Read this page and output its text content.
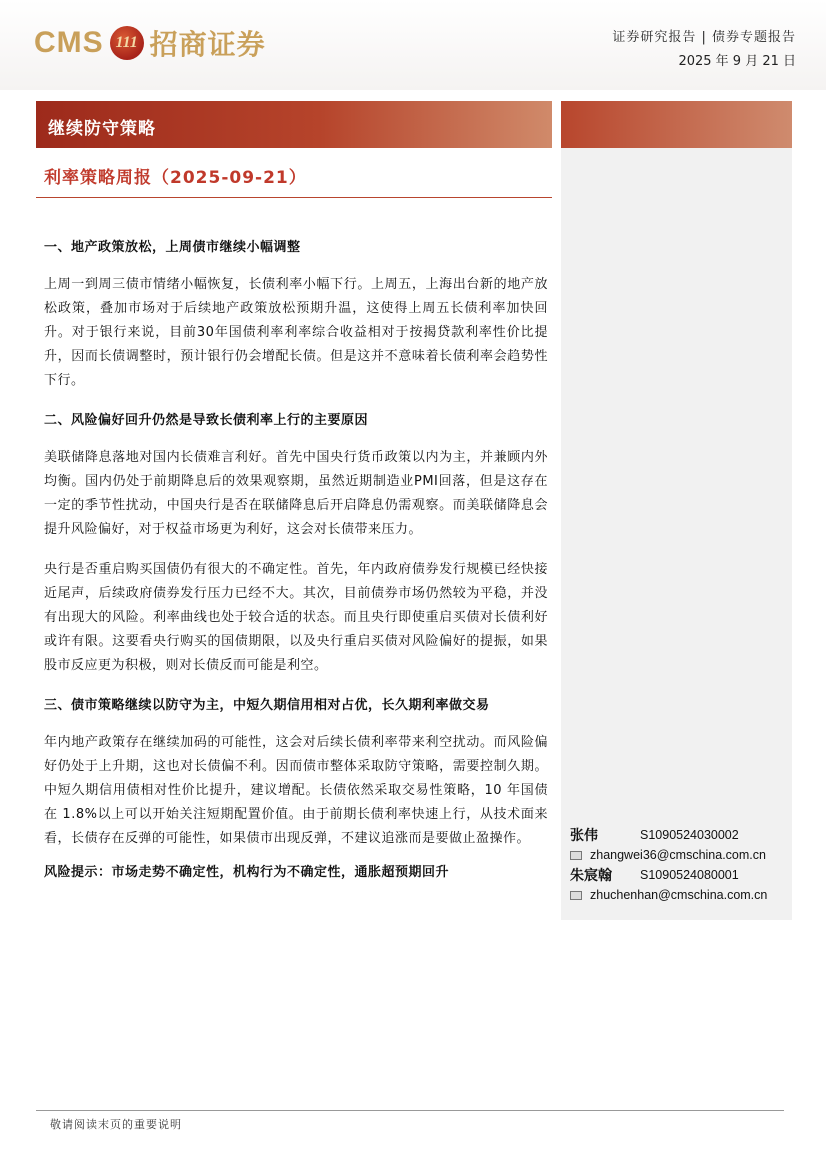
CMS 111 招商证券	证券研究报告 | 债券专题报告
2025 年 9 月 21 日
继续防守策略
利率策略周报（2025-09-21）
一、地产政策放松，上周债市继续小幅调整

上周一到周三债市情绪小幅恢复，长债利率小幅下行。上周五，上海出台新的地产放松政策，叠加市场对于后续地产政策放松预期升温，这使得上周五长债利率加快回升。对于银行来说，目前30年国债利率利率综合收益相对于按揭贷款利率性价比提升，因而长债调整时，预计银行仍会增配长债。但是这并不意味着长债利率会趋势性下行。

二、风险偏好回升仍然是导致长债利率上行的主要原因

美联储降息落地对国内长债难言利好。首先中国央行货币政策以内为主，并兼顾内外均衡。国内仍处于前期降息后的效果观察期，虽然近期制造业PMI回落，但是这存在一定的季节性扰动，中国央行是否在联储降息后开启降息仍需观察。而美联储降息会提升风险偏好，对于权益市场更为利好，这会对长债带来压力。

央行是否重启购买国债仍有很大的不确定性。首先，年内政府债券发行规模已经快接近尾声，后续政府债券发行压力已经不大。其次，目前债券市场仍然较为平稳，并没有出现大的风险。利率曲线也处于较合适的状态。而且央行即使重启买债对长债利好或许有限。这要看央行购买的国债期限，以及央行重启买债对风险偏好的提振，如果股市反应更为积极，则对长债反而可能是利空。

三、债市策略继续以防守为主，中短久期信用相对占优，长久期利率做交易

年内地产政策存在继续加码的可能性，这会对后续长债利率带来利空扰动。而风险偏好仍处于上升期，这也对长债偏不利。因而债市整体采取防守策略，需要控制久期。中短久期信用债相对性价比提升，建议增配。长债依然采取交易性策略，10 年国债在 1.8%以上可以开始关注短期配置价值。由于前期长债利率快速上行，从技术面来看，长债存在反弹的可能性，如果债市出现反弹，不建议追涨而是要做止盈操作。

风险提示：市场走势不确定性，机构行为不确定性，通胀超预期回升
张伟	S1090524030002
zhangwei36@cmschina.com.cn
朱宸翰	S1090524080001
zhuchenhan@cmschina.com.cn
敬请阅读末页的重要说明
